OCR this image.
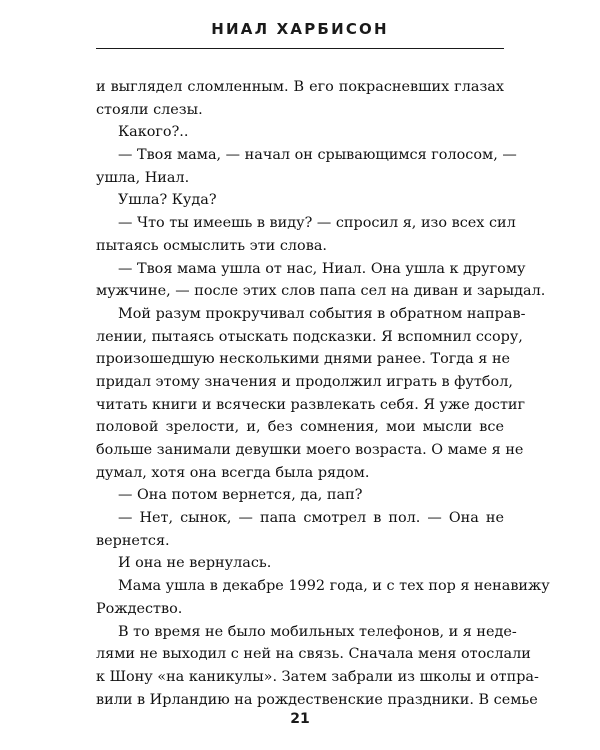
НИАЛ ХАРБИСОН
и выглядел сломленным. В его покрасневших глазах
стояли слезы.
Какого?..
— Твоя мама, — начал он срывающимся голосом, —
ушла, Ниал.
Ушла? Куда?
— Что ты имеешь в виду? — спросил я, изо всех сил
пытаясь осмыслить эти слова.
— Твоя мама ушла от нас, Ниал. Она ушла к другому
мужчине, — после этих слов папа сел на диван и зарыдал.
Мой разум прокручивал события в обратном направ-
лении, пытаясь отыскать подсказки. Я вспомнил ссору,
произошедшую несколькими днями ранее. Тогда я не
придал этому значения и продолжил играть в футбол,
читать книги и всячески развлекать себя. Я уже достиг
половой зрелости, и, без сомнения, мои мысли все
больше занимали девушки моего возраста. О маме я не
думал, хотя она всегда была рядом.
— Она потом вернется, да, пап?
— Нет, сынок, — папа смотрел в пол. — Она не
вернется.
И она не вернулась.
Мама ушла в декабре 1992 года, и с тех пор я ненавижу
Рождество.
В то время не было мобильных телефонов, и я неде-
лями не выходил с ней на связь. Сначала меня отослали
к Шону «на каникулы». Затем забрали из школы и отпра-
вили в Ирландию на рождественские праздники. В семье
21
